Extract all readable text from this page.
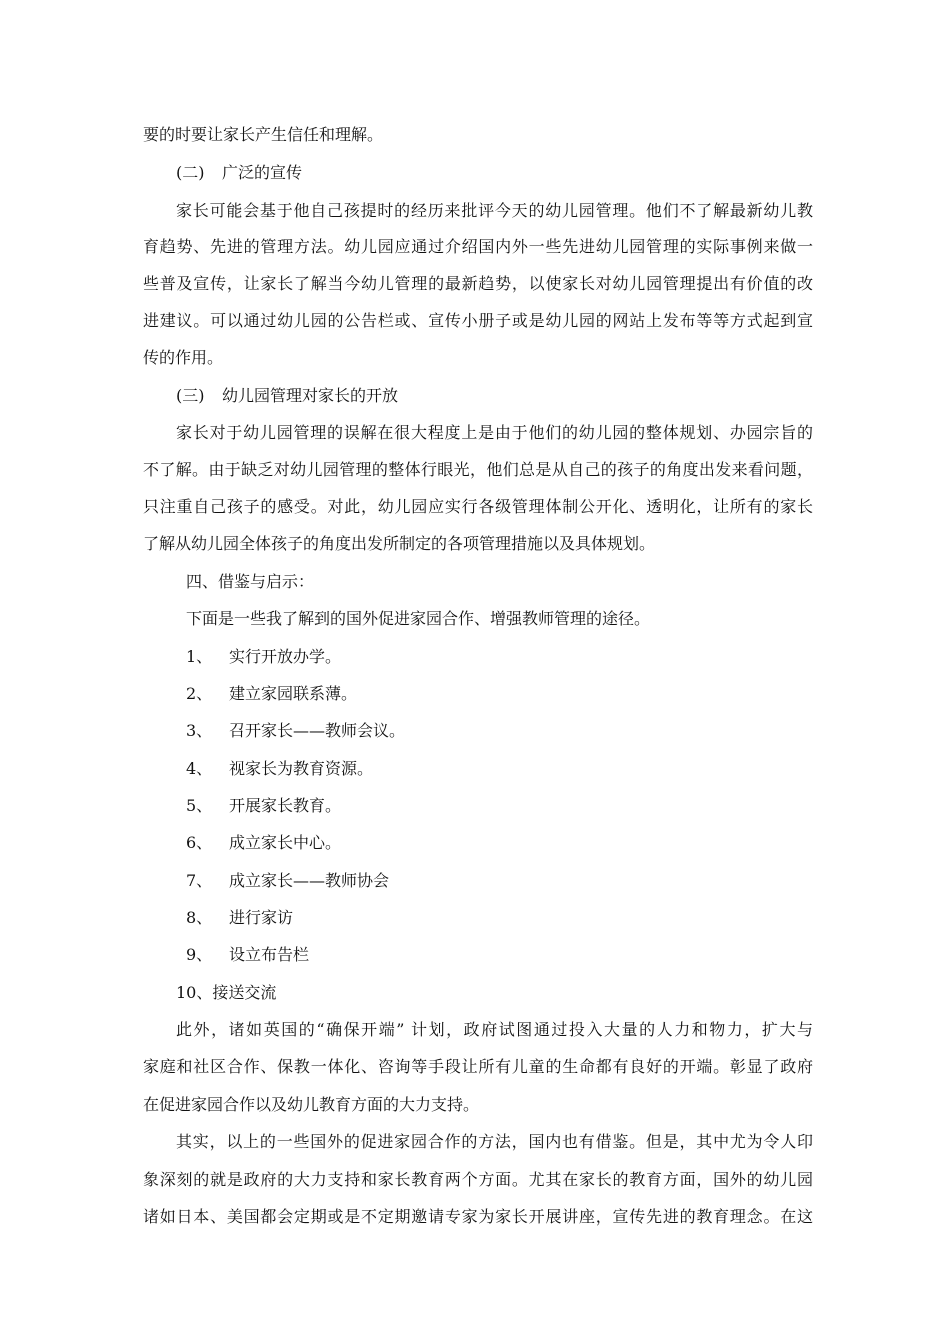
要的时要让家长产生信任和理解。
(二) 广泛的宣传
家长可能会基于他自己孩提时的经历来批评今天的幼儿园管理。他们不了解最新幼儿教
育趋势、先进的管理方法。幼儿园应通过介绍国内外一些先进幼儿园管理的实际事例来做一
些普及宣传，让家长了解当今幼儿管理的最新趋势，以使家长对幼儿园管理提出有价值的改
进建议。可以通过幼儿园的公告栏或、宣传小册子或是幼儿园的网站上发布等等方式起到宣
传的作用。
(三) 幼儿园管理对家长的开放
家长对于幼儿园管理的误解在很大程度上是由于他们的幼儿园的整体规划、办园宗旨的
不了解。由于缺乏对幼儿园管理的整体行眼光，他们总是从自己的孩子的角度出发来看问题，
只注重自己孩子的感受。对此，幼儿园应实行各级管理体制公开化、透明化，让所有的家长
了解从幼儿园全体孩子的角度出发所制定的各项管理措施以及具体规划。
四、借鉴与启示：
下面是一些我了解到的国外促进家园合作、增强教师管理的途径。
1、	实行开放办学。
2、	建立家园联系薄。
3、	召开家长——教师会议。
4、	视家长为教育资源。
5、	开展家长教育。
6、	成立家长中心。
7、	成立家长——教师协会
8、	进行家访
9、	设立布告栏
10、接送交流
此外，诸如英国的“确保开端” 计划，政府试图通过投入大量的人力和物力，扩大与
家庭和社区合作、保教一体化、咨询等手段让所有儿童的生命都有良好的开端。彰显了政府
在促进家园合作以及幼儿教育方面的大力支持。
其实，以上的一些国外的促进家园合作的方法，国内也有借鉴。但是，其中尤为令人印
象深刻的就是政府的大力支持和家长教育两个方面。尤其在家长的教育方面，国外的幼儿园
诸如日本、美国都会定期或是不定期邀请专家为家长开展讲座，宣传先进的教育理念。在这
